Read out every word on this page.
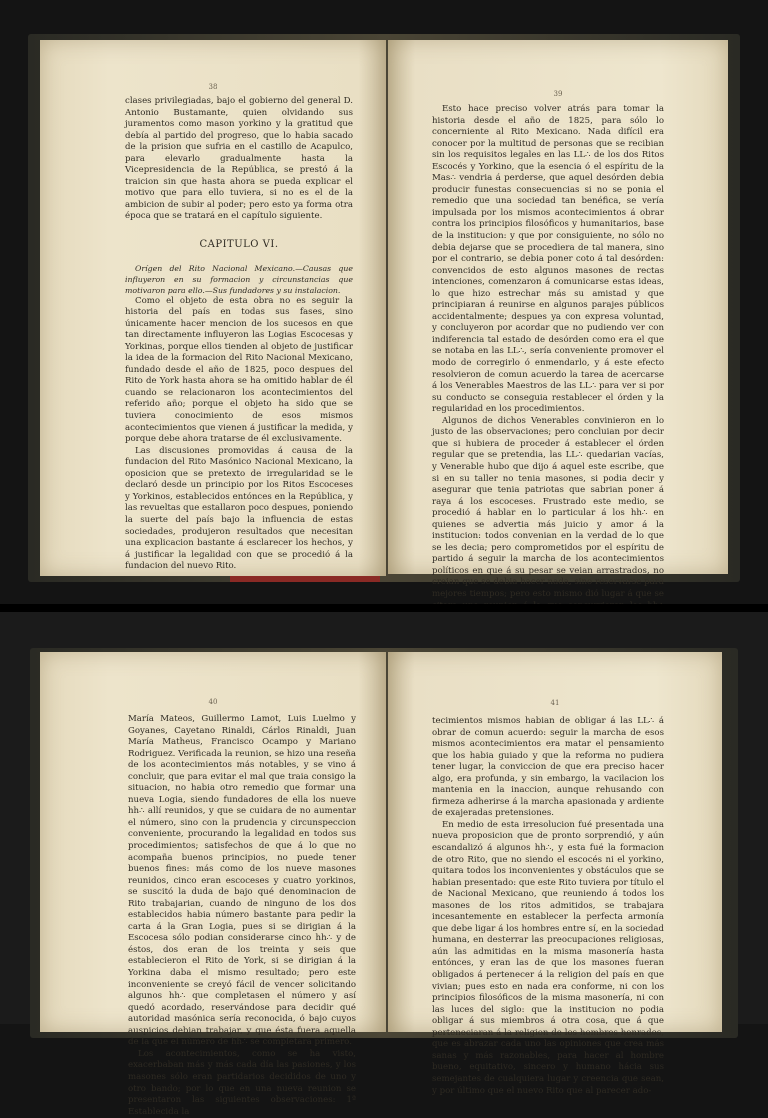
38

clases privilegiadas, bajo el gobierno del general D. Antonio Bustamante, quien olvidando sus juramentos como mason yorkino y la gratitud que debía al partido del progreso, que lo habia sacado de la prision que sufria en el castillo de Acapulco, para elevarlo gradualmente hasta la Vicepresidencia de la República, se prestó á la traicion sin que hasta ahora se pueda explicar el motivo que para ello tuviera, si no es el de la ambicion de subir al poder; pero esto ya forma otra época que se tratará en el capítulo siguiente.

CAPITULO VI.

Orígen del Rito Nacional Mexicano.—Causas que influyeron en su formacion y circunstancias que motivaron para ello.—Sus fundadores y su instalacion.

Como el objeto de esta obra no es seguir la historia del país en todas sus fases, sino únicamente hacer mencion de los sucesos en que tan directamente influyeron las Logias Escocesas y Yorkinas, porque ellos tienden al objeto de justificar la idea de la formacion del Rito Nacional Mexicano, fundado desde el año de 1825, poco despues del Rito de York hasta ahora se ha omitido hablar de él cuando se relacionaron los acontecimientos del referido año; porque el objeto ha sido que se tuviera conocimiento de esos mismos acontecimientos que vienen á justificar la medida, y porque debe ahora tratarse de él exclusivamente.

Las discusiones promovidas á causa de la fundacion del Rito Masónico Nacional Mexicano, la oposicion que se pretexto de irregularidad se le declaró desde un principio por los Ritos Escoceses y Yorkinos, establecidos entónces en la República, y las revueltas que estallaron poco despues, poniendo la suerte del país bajo la influencia de estas sociedades, produjeron resultados que necesitan una explicacion bastante á esclarecer los hechos, y á justificar la legalidad con que se procedió á la fundacion del nuevo Rito.

39

Esto hace preciso volver atrás para tomar la historia desde el año de 1825, para sólo lo concerniente al Rito Mexicano. Nada difícil era conocer por la multitud de personas que se recibian sin los requisitos legales en las LL∴ de los dos Ritos Escocés y Yorkino, que la esencia ó el espíritu de la Mas∴ vendria á perderse, que aquel desórden debia producir funestas consecuencias si no se ponia el remedio que una sociedad tan benéfica, se vería impulsada por los mismos acontecimientos á obrar contra los principios filosóficos y humanitarios, base de la institucion: y que por consiguiente, no sólo no debia dejarse que se procediera de tal manera, sino por el contrario, se debia poner coto á tal desórden: convencidos de esto algunos masones de rectas intenciones, comenzaron á comunicarse estas ideas, lo que hizo estrechar más su amistad y que principiaran á reunirse en algunos parajes públicos accidentalmente; despues ya con expresa voluntad, y concluyeron por acordar que no pudiendo ver con indiferencia tal estado de desórden como era el que se notaba en las LL∴, sería conveniente promover el modo de corregirlo ó enmendarlo, y á este efecto resolvieron de comun acuerdo la tarea de acercarse á los Venerables Maestros de las LL∴ para ver si por su conducto se conseguia restablecer el órden y la regularidad en los procedimientos.

Algunos de dichos Venerables convinieron en lo justo de las observaciones; pero concluian por decir que si hubiera de proceder á establecer el órden regular que se pretendia, las LL∴ quedarian vacías, y Venerable hubo que dijo á aquel este escribe, que si en su taller no tenia masones, si podia decir y asegurar que tenia patriotas que sabrian poner á raya á los escoceses. Frustrado este medio, se procedió á hablar en lo particular á los hh∴ en quienes se advertia más juicio y amor á la institucion: todos convenian en la verdad de lo que se les decia; pero comprometidos por el espíritu de partido á seguir la marcha de los acontecimientos políticos en que á su pesar se veian arrastrados, no creian que se debia hacer nada, sino reservarse para mejores tiempos; pero esto mismo dió lugar á que se

40

María Mateos, Guillermo Lamot, Luis Luelmo y Goyanes, Cayetano Rinaldi, Cárlos Rinaldi, Juan María Matheus, Francisco Ocampo y Mariano Rodriguez. Verificada la reunion, se hizo una reseña de los acontecimientos más notables, y se vino á concluir, que para evitar el mal que traia consigo la situacion, no habia otro remedio que formar una nueva Logia, siendo fundadores de ella los nueve hh∴ allí reunidos, y que se cuidara de no aumentar el número, sino con la prudencia y circunspeccion conveniente, procurando la legalidad en todos sus procedimientos; satisfechos de que á lo que no acompaña buenos principios, no puede tener buenos fines: más como de los nueve masones reunidos, cinco eran escoceses y cuatro yorkinos, se suscitó la duda de bajo qué denominacion de Rito trabajarian, cuando de ninguno de los dos establecidos habia número bastante para pedir la carta á la Gran Logia, pues si se dirigian á la Escocesa sólo podian considerarse cinco hh∴ y de éstos, dos eran de los treinta y seis que establecieron el Rito de York, si se dirigian á la Yorkina daba el mismo resultado; pero este inconveniente se creyó fácil de vencer solicitando algunos hh∴ que completasen el número y así quedó acordado, reservándose para decidir qué autoridad masónica sería reconocida, ó bajo cuyos auspicios debian trabajar, y que ésta fuera aquella de la que el número de hh∴ se completara primero.

Los acontecimientos, como se ha visto, exacerbaban más y más cada día las pasiones, y los masones sólo eran partidarios decididos de uno y otro bando; por lo que en una nueva reunion se presentaron las siguientes observaciones: 1ª Establecida la

41

tecimientos mismos habian de obligar á las LL∴ á obrar de comun acuerdo: seguir la marcha de esos mismos acontecimientos era matar el pensamiento que los habia guiado y que la reforma no pudiera tener lugar, la conviccion de que era preciso hacer algo, era profunda, y sin embargo, la vacilacion los mantenia en la inaccion, aunque rehusando con firmeza adherirse á la marcha apasionada y ardiente de exajeradas pretensiones.

En medio de esta irresolucion fué presentada una nueva proposicion que de pronto sorprendió, y aún escandalizó á algunos hh∴, y esta fué la formacion de otro Rito, que no siendo el escocés ni el yorkino, quitara todos los inconvenientes y obstáculos que se habian presentado: que este Rito tuviera por título el de Nacional Mexicano, que reuniendo á todos los masones de los ritos admitidos, se trabajara incesantemente en establecer la perfecta armonía que debe ligar á los hombres entre sí, en la sociedad humana, en desterrar las preocupaciones religiosas, aún las admitidas en la misma masonería hasta entónces, y eran las de que los masones fueran obligados á pertenecer á la religion del país en que vivian; pues esto en nada era conforme, ni con los principios filosóficos de la misma masonería, ni con las luces del siglo: que la institucion no podia obligar á sus miembros á otra cosa, que á que perteneciaran á la religion de los hombres honrados, que es abrazar cada uno las opiniones que crea más sanas y más razonables, para hacer al hombre bueno, equitativo, sincero y humano hácia sus semejantes de cualquiera lugar y creencia que sean, y por último que el nuevo Rito que al parecer ado-
